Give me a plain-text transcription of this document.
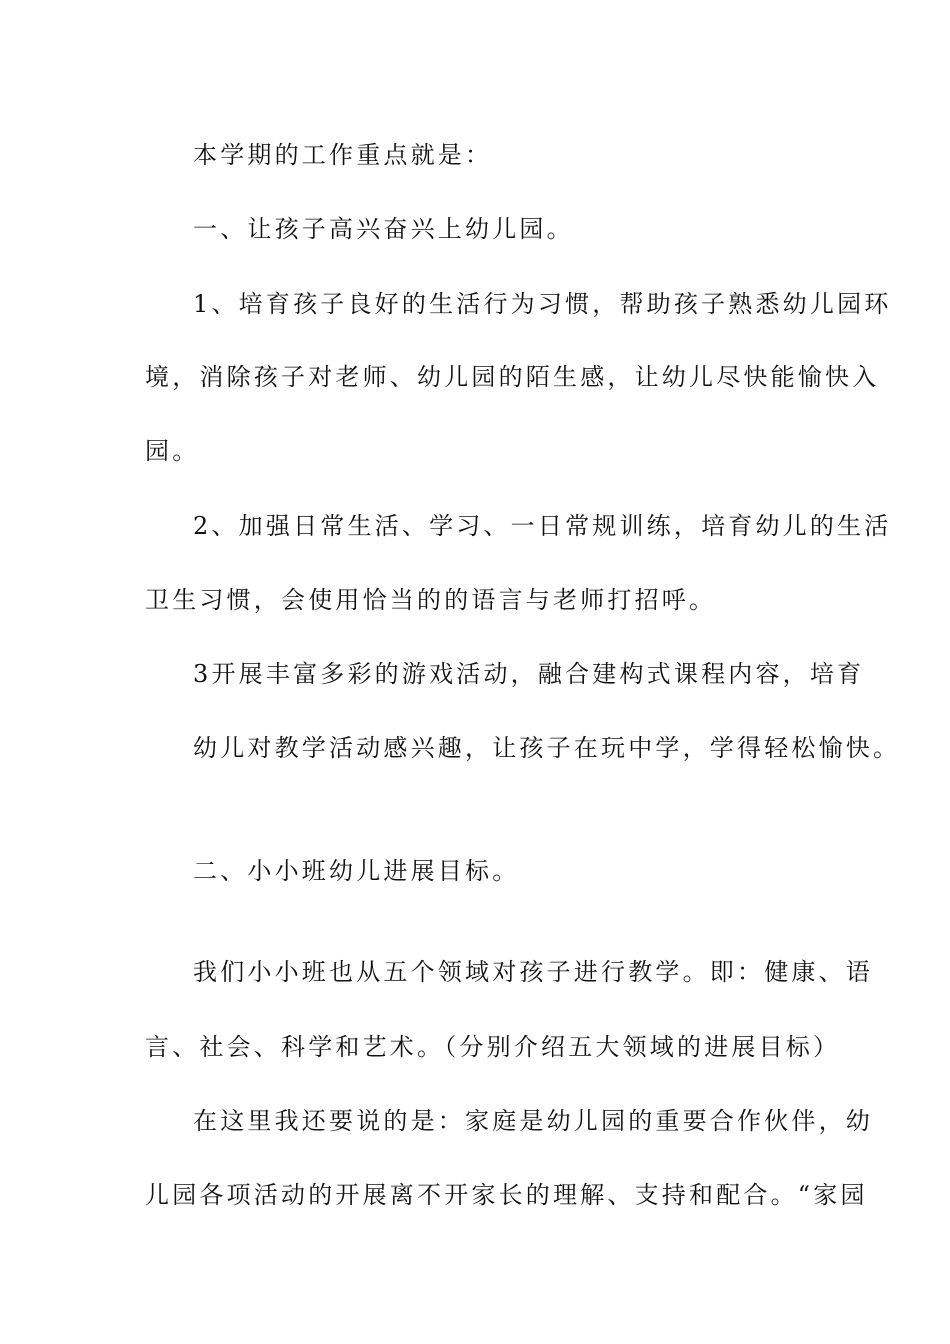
本学期的工作重点就是：
一、让孩子高兴奋兴上幼儿园。
1、培育孩子良好的生活行为习惯，帮助孩子熟悉幼儿园环
境，消除孩子对老师、幼儿园的陌生感，让幼儿尽快能愉快入
园。
2、加强日常生活、学习、一日常规训练，培育幼儿的生活
卫生习惯，会使用恰当的的语言与老师打招呼。
3开展丰富多彩的游戏活动，融合建构式课程内容，培育
幼儿对教学活动感兴趣，让孩子在玩中学，学得轻松愉快。
二、小小班幼儿进展目标。
我们小小班也从五个领域对孩子进行教学。即：健康、语
言、社会、科学和艺术。（分别介绍五大领域的进展目标）
在这里我还要说的是：家庭是幼儿园的重要合作伙伴，幼
儿园各项活动的开展离不开家长的理解、支持和配合。“家园
